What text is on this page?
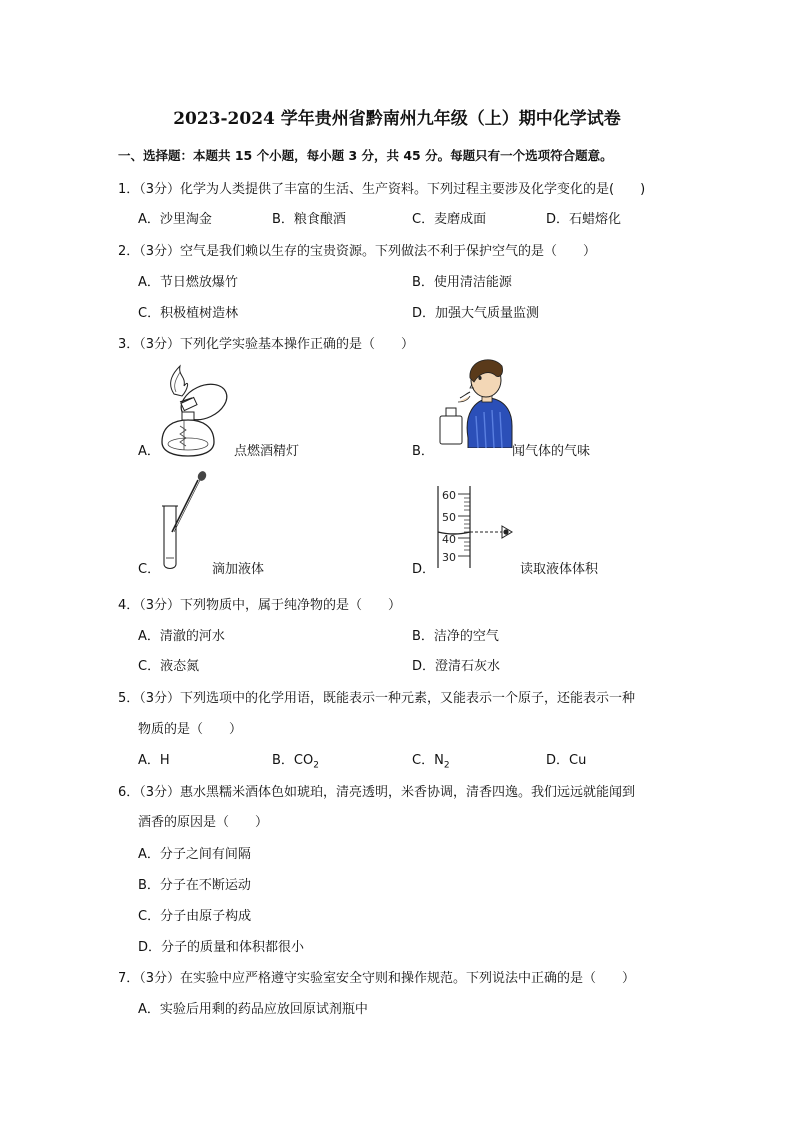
2023-2024 学年贵州省黔南州九年级（上）期中化学试卷
一、选择题：本题共 15 个小题，每小题 3 分，共 45 分。每题只有一个选项符合题意。
1．（3分）化学为人类提供了丰富的生活、生产资料。下列过程主要涉及化学变化的是(　　)
A．沙里淘金	B．粮食酿酒	C．麦磨成面	D．石蜡熔化
2．（3分）空气是我们赖以生存的宝贵资源。下列做法不利于保护空气的是（　　）
A．节日燃放爆竹	B．使用清洁能源
C．积极植树造林	D．加强大气质量监测
3．（3分）下列化学实验基本操作正确的是（　　）
A．	点燃酒精灯	B．	闻气体的气味
C．	滴加液体
60
50
40
30
D．	读取液体体积
4．（3分）下列物质中，属于纯净物的是（　　）
A．清澈的河水	B．洁净的空气
C．液态氮	D．澄清石灰水
5．（3分）下列选项中的化学用语，既能表示一种元素，又能表示一个原子，还能表示一种
物质的是（　　）
A．H	B．$CO_2$	C．$N_2$	D．Cu
6．（3分）惠水黑糯米酒体色如琥珀，清亮透明，米香协调，清香四逸。我们远远就能闻到
酒香的原因是（　　）
A．分子之间有间隔
B．分子在不断运动
C．分子由原子构成
D．分子的质量和体积都很小
7．（3分）在实验中应严格遵守实验室安全守则和操作规范。下列说法中正确的是（　　）
A．实验后用剩的药品应放回原试剂瓶中
